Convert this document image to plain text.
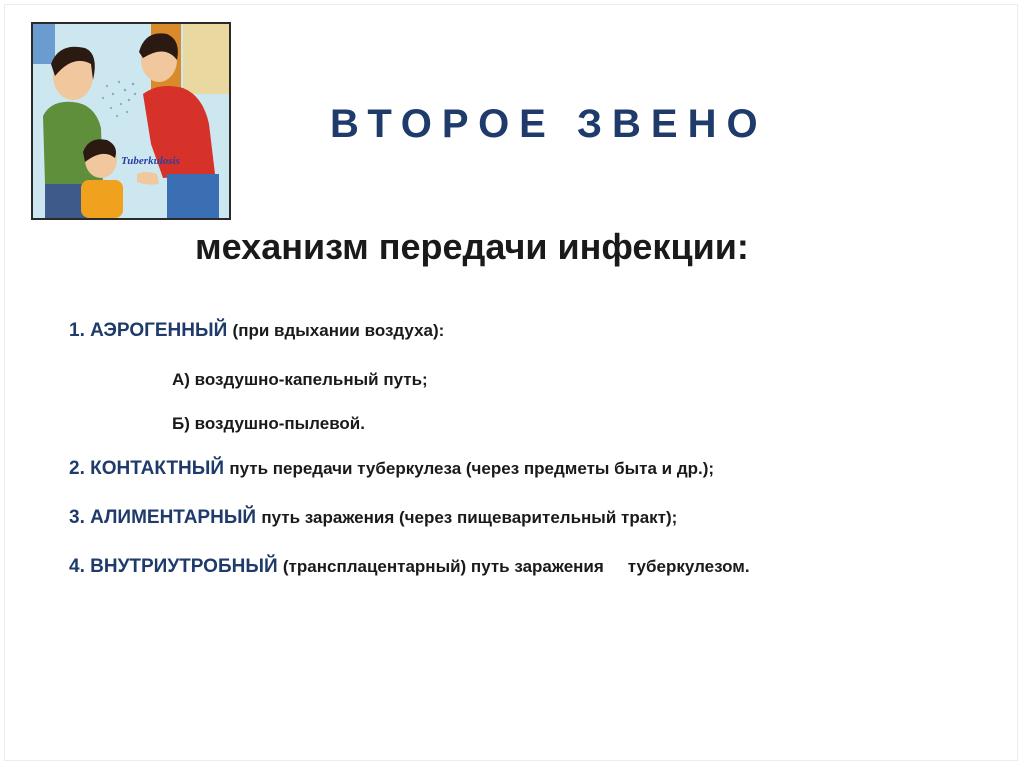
Tuberkulosis
ВТОРОЕ ЗВЕНО
механизм передачи инфекции:
1. АЭРОГЕННЫЙ (при вдыхании воздуха):
А) воздушно-капельный путь;
Б) воздушно-пылевой.
2. КОНТАКТНЫЙ путь передачи туберкулеза (через предметы быта и др.);
3. АЛИМЕНТАРНЫЙ путь заражения (через пищеварительный тракт);
4. ВНУТРИУТРОБНЫЙ (трансплацентарный) путь заражения туберкулезом.
